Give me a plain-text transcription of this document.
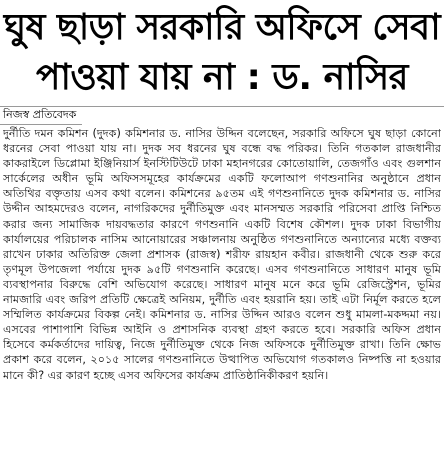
ঘুষ ছাড়া সরকারি অফিসে সেবা
পাওয়া যায় না : ড. নাসির
নিজস্ব প্রতিবেদক

দুর্নীতি দমন কমিশন (দুদক) কমিশনার ড. নাসির উদ্দিন বলেছেন, সরকারি অফিসে ঘুষ ছাড়া কোনো ধরনের সেবা পাওয়া যায় না। দুদক সব ধরনের ঘুষ বন্ধে বদ্ধ পরিকর। তিনি গতকাল রাজধানীর কাকরাইলে ডিপ্লোমা ইঞ্জিনিয়ার্স ইনস্টিটিউটে ঢাকা মহানগরের কোতোয়ালি, তেজগাঁও এবং গুলশান সার্কেলের অধীন ভূমি অফিসসমূহের কার্যক্রমের একটি ফলোআপ গণশুনানির অনুষ্ঠানে প্রধান অতিথির বক্তৃতায় এসব কথা বলেন। কমিশনের ৯৫তম এই গণশুনানিতে দুদক কমিশনার ড. নাসির উদ্দীন আহমদেরও বলেন, নাগরিকদের দুর্নীতিমুক্ত এবং মানসম্মত সরকারি পরিসেবা প্রাপ্তি নিশ্চিত করার জন্য সামাজিক দায়বদ্ধতার কারণে গণশুনানি একটি বিশেষ কৌশল। দুদক ঢাকা বিভাগীয় কার্যালয়ের পরিচালক নাসিম আনোয়ারের সঞ্চালনায় অনুষ্ঠিত গণশুনানিতে অন্যান্যের মধ্যে বক্তব্য রাখেন ঢাকার অতিরিক্ত জেলা প্রশাসক (রাজস্ব) শরীফ রায়হান কবীর। রাজধানী থেকে শুরু করে তৃণমূল উপজেলা পর্যায়ে দুদক ৯৫টি গণশুনানি করেছে। এসব গণশুনানিতে সাধারণ মানুষ ভূমি ব্যবস্থাপনার বিরুদ্ধে বেশি অভিযোগ করেছে। সাধারণ মানুষ মনে করে ভূমি রেজিস্ট্রেশন, ভূমির নামজারি এবং জরিপ প্রতিটি ক্ষেত্রেই অনিয়ম, দুর্নীতি এবং হয়রানি হয়। তাই এটা নির্মূল করতে হলে সম্মিলিত কার্যক্রমের বিকল্প নেই। কমিশনার ড. নাসির উদ্দিন আরও বলেন শুধু মামলা-মকদ্দমা নয়। এসবের পাশাপাশি বিভিন্ন আইনি ও প্রশাসনিক ব্যবস্থা গ্রহণ করতে হবে। সরকারি অফিস প্রধান হিসেবে কর্মকর্তাদের দায়িত্ব, নিজে দুর্নীতিমুক্ত থেকে নিজ অফিসকে দুর্নীতিমুক্ত রাখা। তিনি ক্ষোভ প্রকাশ করে বলেন, ২০১৫ সালের গণশুনানিতে উত্থাপিত অভিযোগ গতকালও নিষ্পত্তি না হওয়ার মানে কী? এর কারণ হচ্ছে এসব অফিসের কার্যক্রম প্রাতিষ্ঠানিকীকরণ হয়নি।
